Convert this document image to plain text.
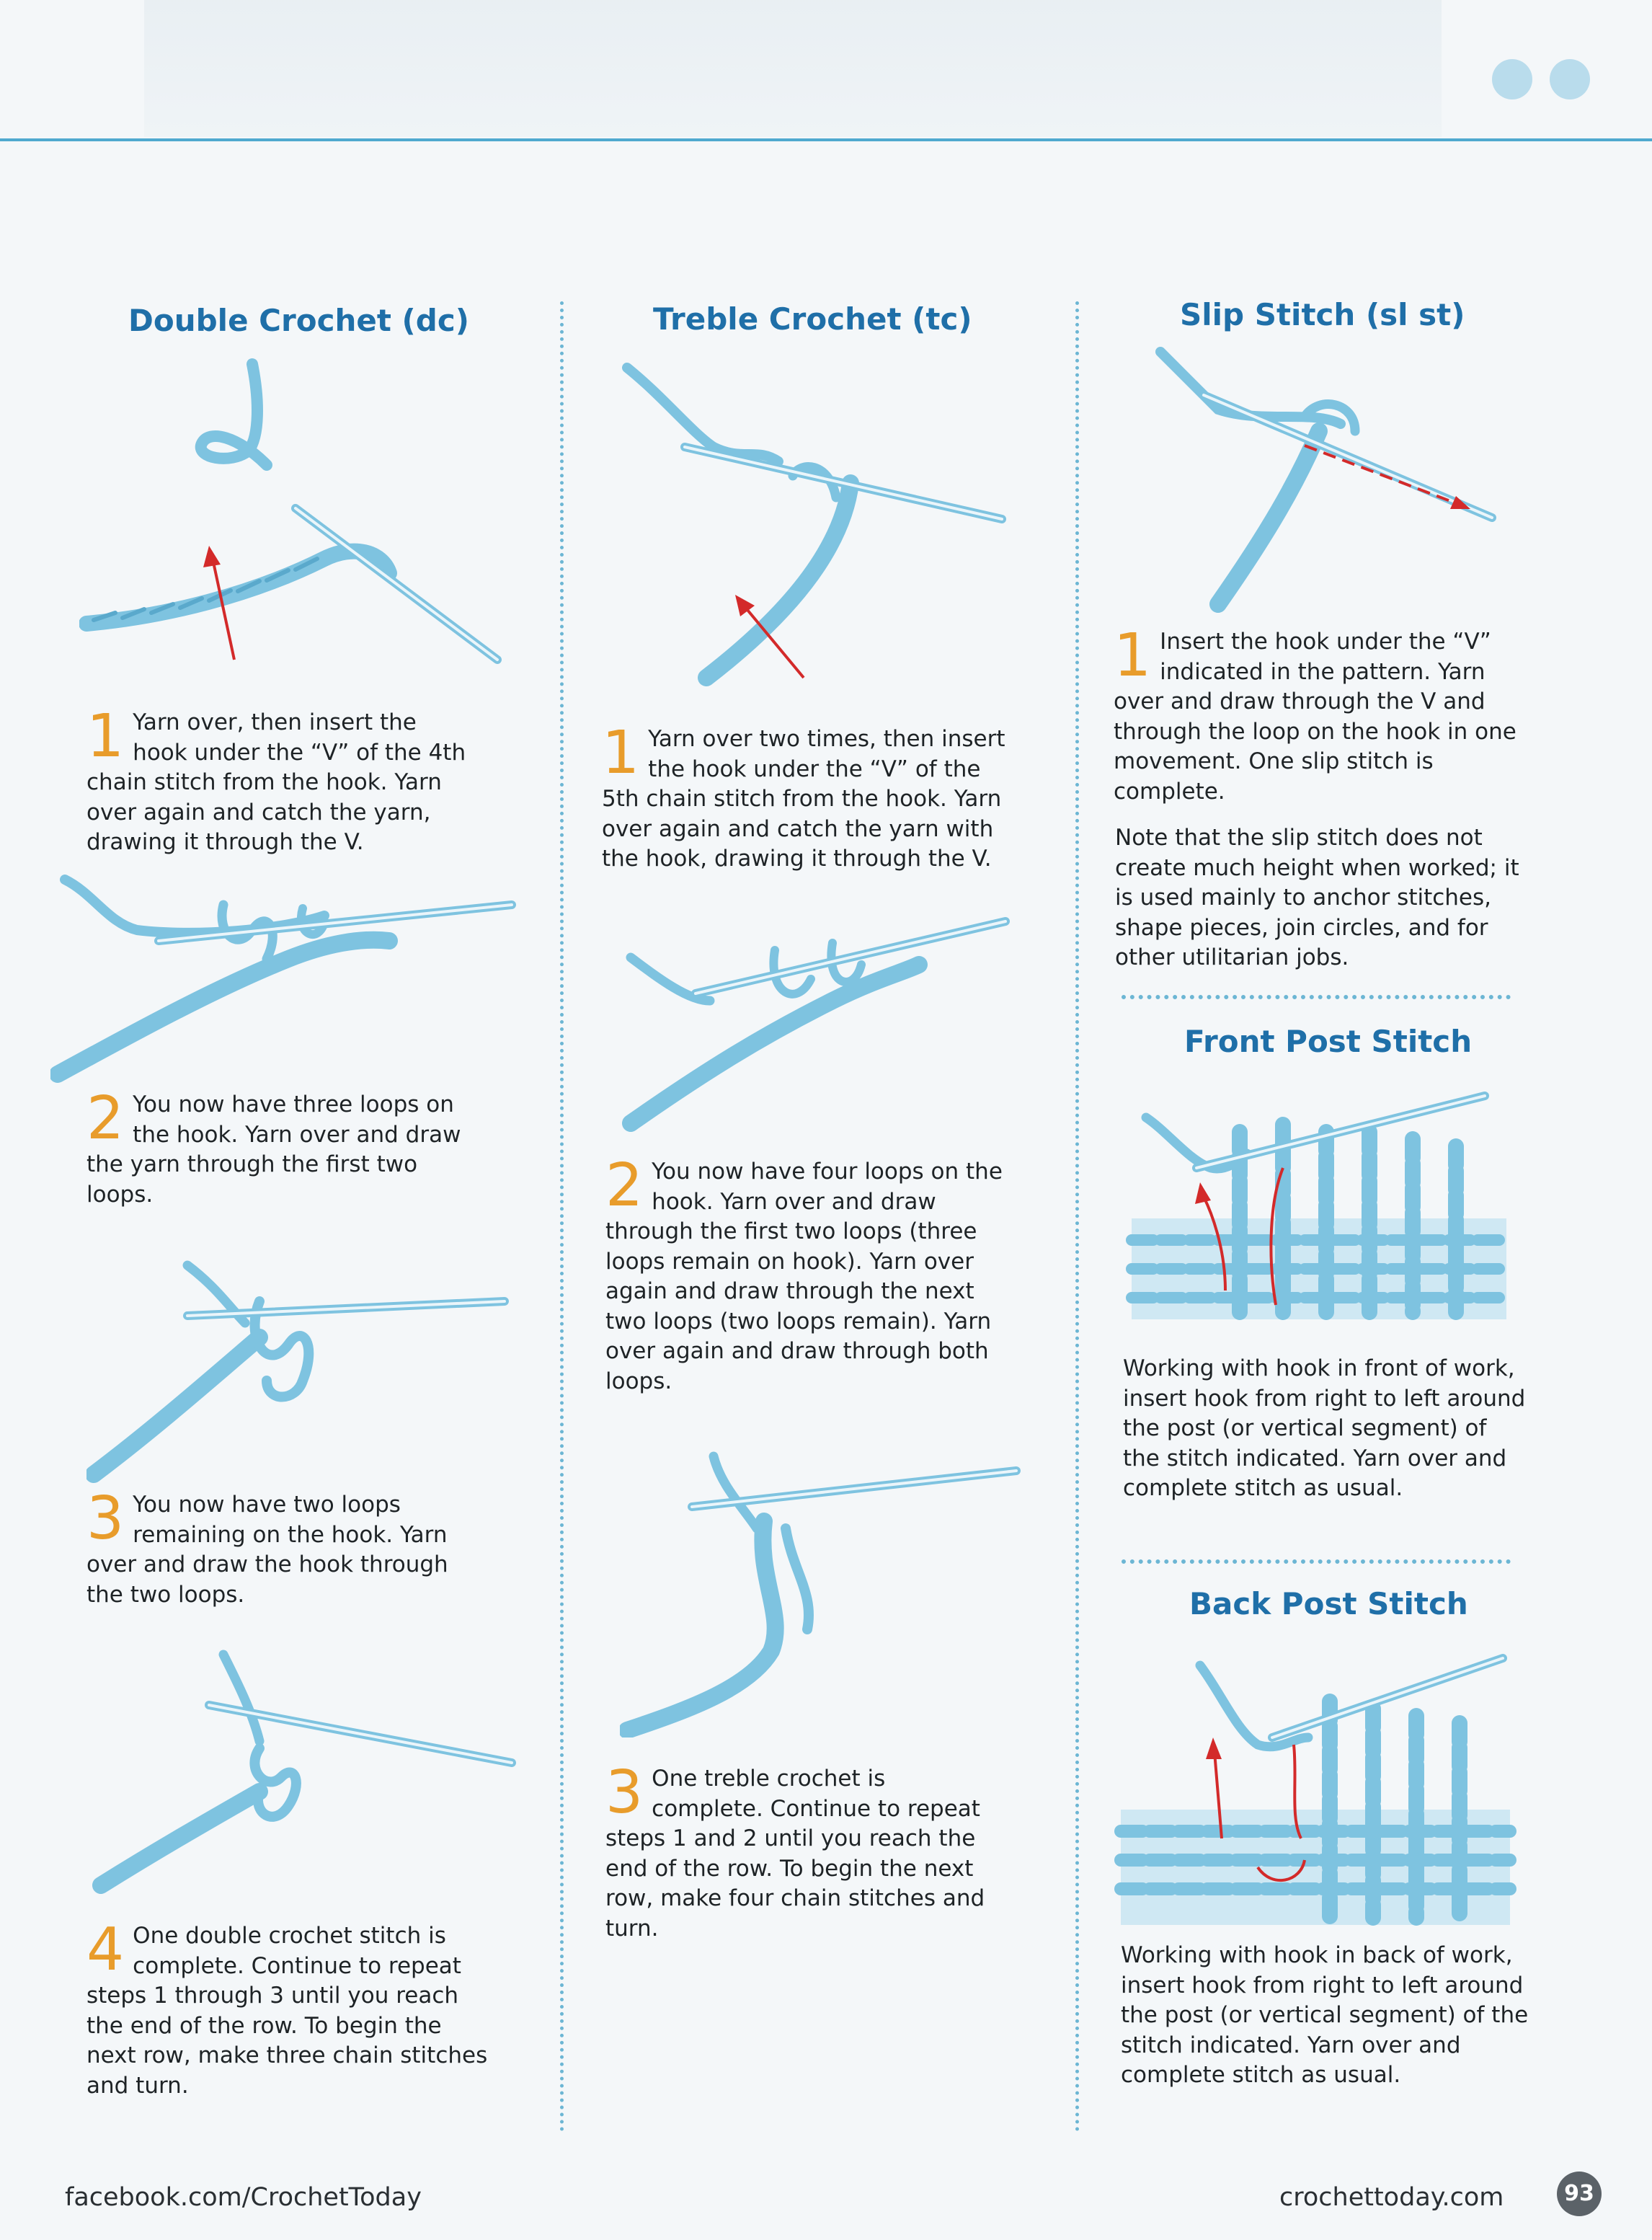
Double Crochet (dc)

1 Yarn over, then insert the hook under the “V” of the 4th chain stitch from the hook. Yarn over again and catch the yarn, drawing it through the V.

2 You now have three loops on the hook. Yarn over and draw the yarn through the first two loops.

3 You now have two loops remaining on the hook. Yarn over and draw the hook through the two loops.

4 One double crochet stitch is complete. Continue to repeat steps 1 through 3 until you reach the end of the row. To begin the next row, make three chain stitches and turn.

Treble Crochet (tc)

1 Yarn over two times, then insert the hook under the “V” of the 5th chain stitch from the hook. Yarn over again and catch the yarn with the hook, drawing it through the V.

2 You now have four loops on the hook. Yarn over and draw through the first two loops (three loops remain on hook). Yarn over again and draw through the next two loops (two loops remain). Yarn over again and draw through both loops.

3 One treble crochet is complete. Continue to repeat steps 1 and 2 until you reach the end of the row. To begin the next row, make four chain stitches and turn.

Slip Stitch (sl st)

1 Insert the hook under the “V” indicated in the pattern. Yarn over and draw through the V and through the loop on the hook in one movement. One slip stitch is complete.

Note that the slip stitch does not create much height when worked; it is used mainly to anchor stitches, shape pieces, join circles, and for other utilitarian jobs.

Front Post Stitch

Working with hook in front of work, insert hook from right to left around the post (or vertical segment) of the stitch indicated. Yarn over and complete stitch as usual.

Back Post Stitch

Working with hook in back of work, insert hook from right to left around the post (or vertical segment) of the stitch indicated. Yarn over and complete stitch as usual.

facebook.com/CrochetToday	crochettoday.com	93
